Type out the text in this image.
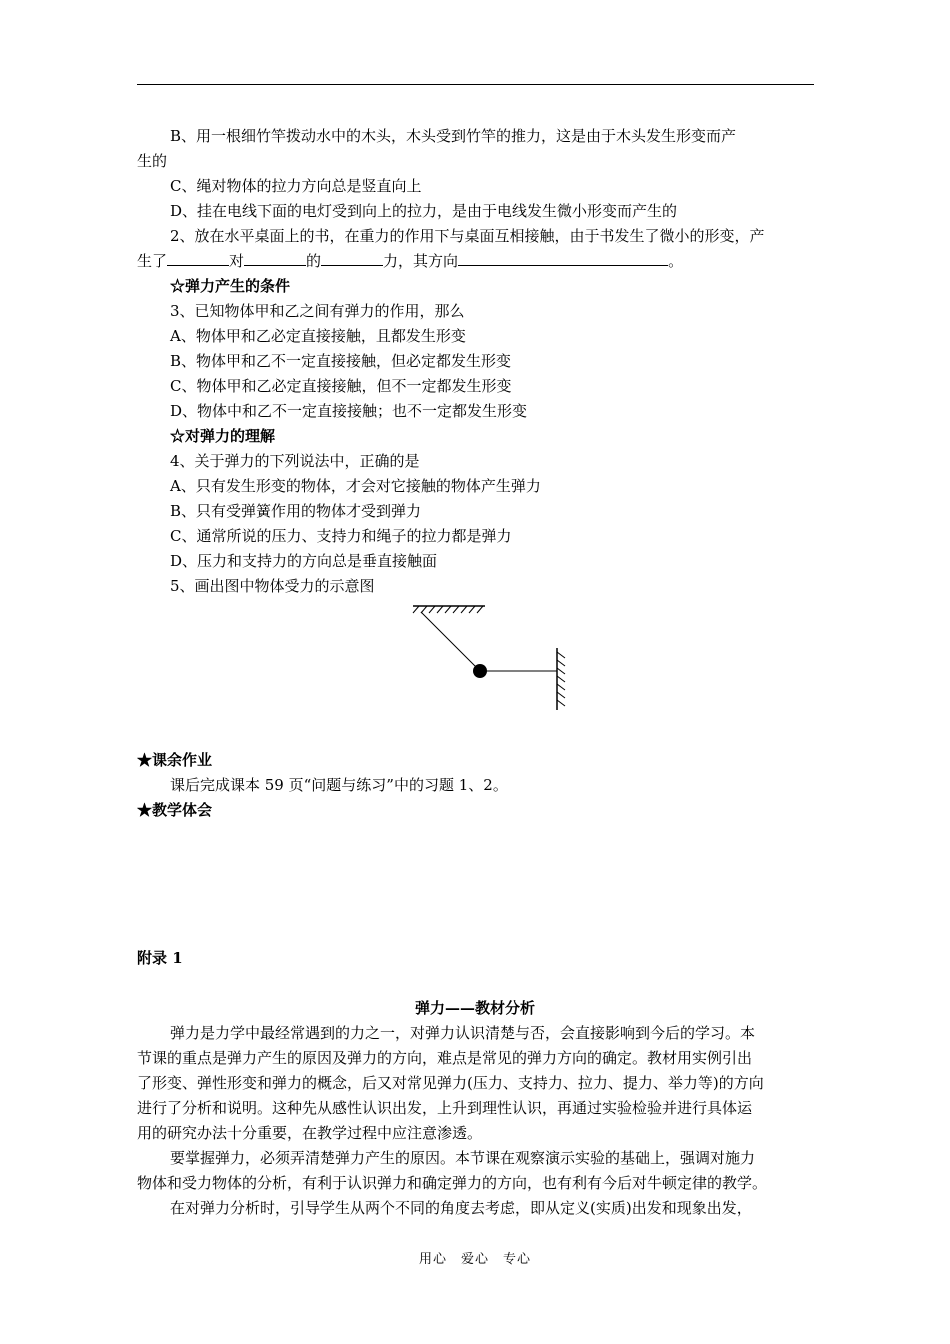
B、用一根细竹竿拨动水中的木头，木头受到竹竿的推力，这是由于木头发生形变而产
生的
C、绳对物体的拉力方向总是竖直向上
D、挂在电线下面的电灯受到向上的拉力，是由于电线发生微小形变而产生的
2、放在水平桌面上的书，在重力的作用下与桌面互相接触，由于书发生了微小的形变，产
生了	对	的	力，其方向	。
☆弹力产生的条件
3、已知物体甲和乙之间有弹力的作用，那么
A、物体甲和乙必定直接接触，且都发生形变
B、物体甲和乙不一定直接接触，但必定都发生形变
C、物体甲和乙必定直接接触，但不一定都发生形变
D、物体中和乙不一定直接接触；也不一定都发生形变
☆对弹力的理解
4、关于弹力的下列说法中，正确的是
A、只有发生形变的物体，才会对它接触的物体产生弹力
B、只有受弹簧作用的物体才受到弹力
C、通常所说的压力、支持力和绳子的拉力都是弹力
D、压力和支持力的方向总是垂直接触面
5、画出图中物体受力的示意图
★课余作业
课后完成课本 59 页“问题与练习”中的习题 1、2。
★教学体会
附录 1
弹力——教材分析
弹力是力学中最经常遇到的力之一，对弹力认识清楚与否，会直接影响到今后的学习。本
节课的重点是弹力产生的原因及弹力的方向，难点是常见的弹力方向的确定。教材用实例引出
了形变、弹性形变和弹力的概念，后又对常见弹力(压力、支持力、拉力、提力、举力等)的方向
进行了分析和说明。这种先从感性认识出发，上升到理性认识，再通过实验检验并进行具体运
用的研究办法十分重要，在教学过程中应注意渗透。
要掌握弹力，必须弄清楚弹力产生的原因。本节课在观察演示实验的基础上，强调对施力
物体和受力物体的分析，有利于认识弹力和确定弹力的方向，也有利有今后对牛顿定律的教学。
在对弹力分析时，引导学生从两个不同的角度去考虑，即从定义(实质)出发和现象出发，
用心　爱心　专心
